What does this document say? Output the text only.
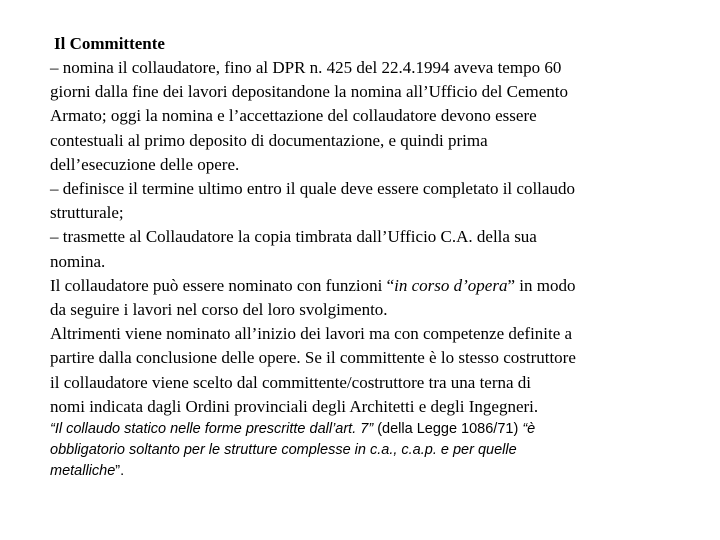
Il Committente
– nomina il collaudatore, fino al DPR n. 425 del 22.4.1994 aveva tempo 60
giorni dalla fine dei lavori depositandone la nomina all’Ufficio del Cemento
Armato; oggi la nomina e l’accettazione del collaudatore devono essere
contestuali al primo deposito di documentazione, e quindi prima
dell’esecuzione delle opere.
– definisce il termine ultimo entro il quale deve essere completato il collaudo
strutturale;
– trasmette al Collaudatore la copia timbrata dall’Ufficio C.A. della sua
nomina.
Il collaudatore può essere nominato con funzioni “in corso d’opera” in modo
da seguire i lavori nel corso del loro svolgimento.
Altrimenti viene nominato all’inizio dei lavori ma con competenze definite a
partire dalla conclusione delle opere. Se il committente è lo stesso costruttore
il collaudatore viene scelto dal committente/costruttore tra una terna di
nomi indicata dagli Ordini provinciali degli Architetti e degli Ingegneri.
“Il collaudo statico nelle forme prescritte dall’art. 7” (della Legge 1086/71) “è
obbligatorio soltanto per le strutture complesse in c.a., c.a.p. e per quelle
metalliche”.
